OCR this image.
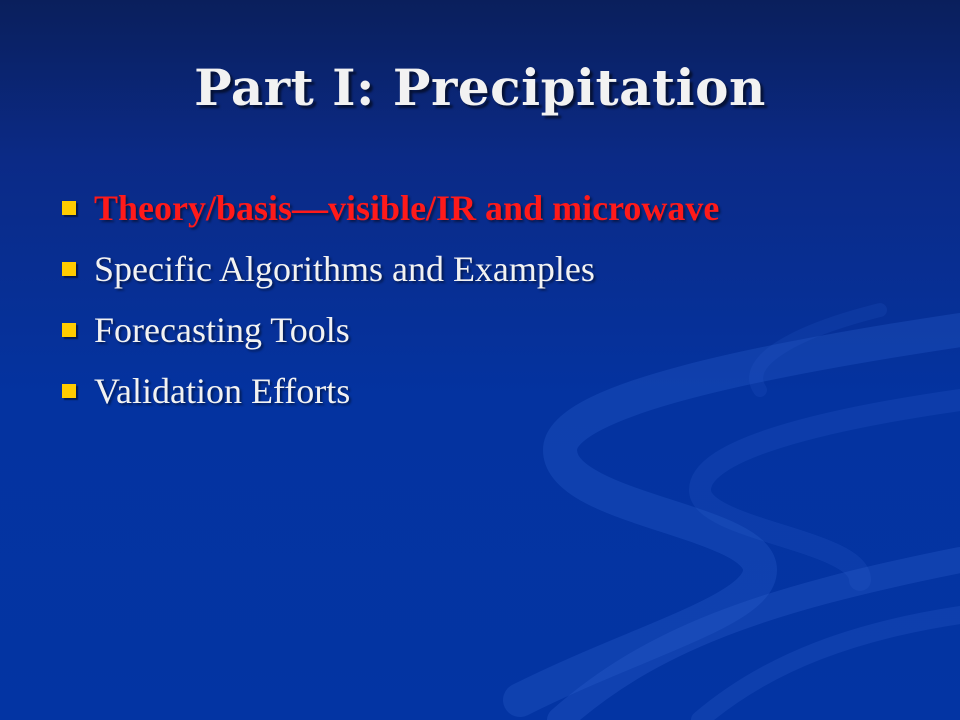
Part I: Precipitation
Theory/basis—visible/IR and microwave
Specific Algorithms and Examples
Forecasting Tools
Validation Efforts
